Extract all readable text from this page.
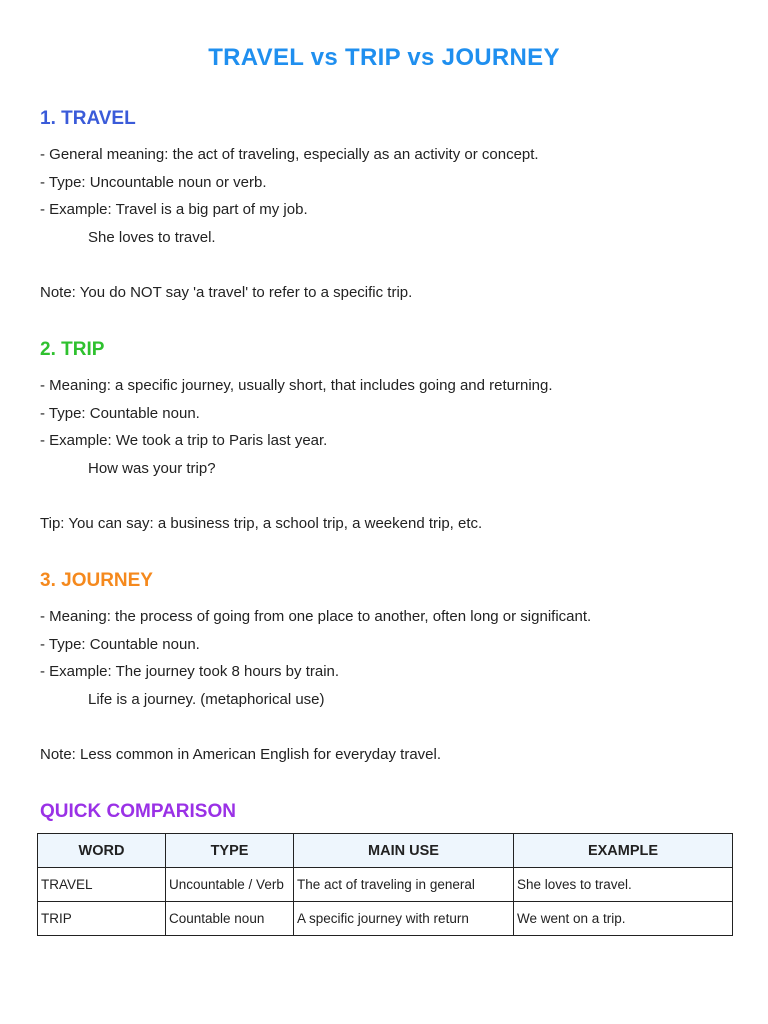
TRAVEL vs TRIP vs JOURNEY
1. TRAVEL

- General meaning: the act of traveling, especially as an activity or concept.

- Type: Uncountable noun or verb.

- Example: Travel is a big part of my job.

She loves to travel.

Note: You do NOT say 'a travel' to refer to a specific trip.

2. TRIP

- Meaning: a specific journey, usually short, that includes going and returning.

- Type: Countable noun.

- Example: We took a trip to Paris last year.

How was your trip?

Tip: You can say: a business trip, a school trip, a weekend trip, etc.

3. JOURNEY

- Meaning: the process of going from one place to another, often long or significant.

- Type: Countable noun.

- Example: The journey took 8 hours by train.

Life is a journey. (metaphorical use)

Note: Less common in American English for everyday travel.

QUICK COMPARISON
WORD	TYPE	MAIN USE	EXAMPLE
TRAVEL	Uncountable / Verb	The act of traveling in general	She loves to travel.
TRIP	Countable noun	A specific journey with return	We went on a trip.
